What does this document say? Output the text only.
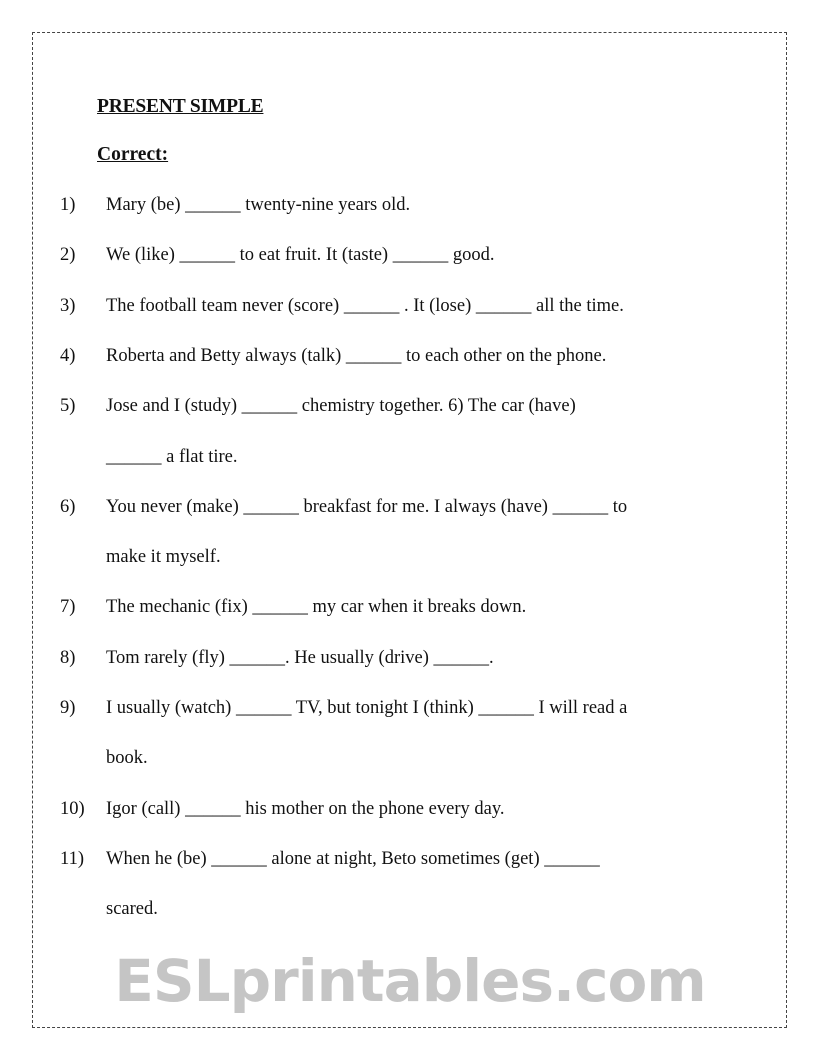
PRESENT SIMPLE
Correct:
1) Mary (be) ______ twenty-nine years old.
2) We (like) ______ to eat fruit. It (taste) ______ good.
3) The football team never (score) ______ . It (lose) ______ all the time.
4) Roberta and Betty always (talk) ______ to each other on the phone.
5) Jose and I (study) ______ chemistry together. 6) The car (have)
______ a flat tire.
6) You never (make) ______ breakfast for me. I always (have) ______ to
make it myself.
7) The mechanic (fix) ______ my car when it breaks down.
8) Tom rarely (fly) ______. He usually (drive) ______.
9) I usually (watch) ______ TV, but tonight I (think) ______ I will read a
book.
10) Igor (call) ______ his mother on the phone every day.
11) When he (be) ______ alone at night, Beto sometimes (get) ______
scared.
ESLprintables.com
